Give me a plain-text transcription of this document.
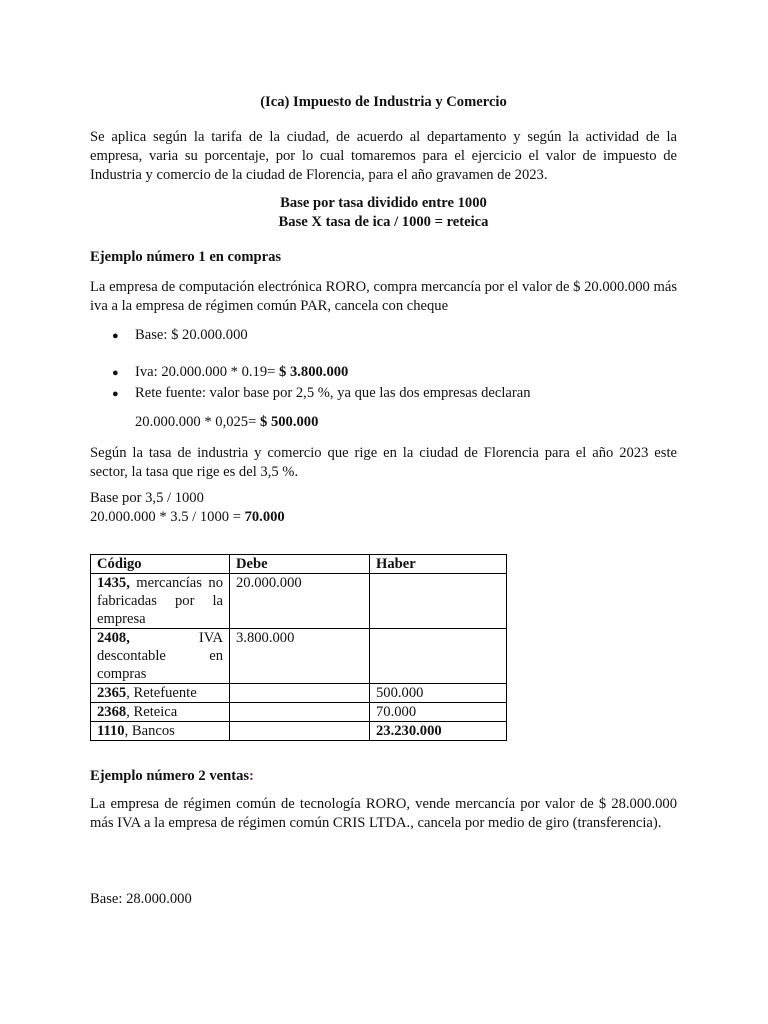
(Ica) Impuesto de Industria y Comercio
Se aplica según la tarifa de la ciudad, de acuerdo al departamento y según la actividad de la empresa, varia su porcentaje, por lo cual tomaremos para el ejercicio el valor de impuesto de Industria y comercio de la ciudad de Florencia, para el año gravamen de 2023.
Base por tasa dividido entre 1000
Base X tasa de ica / 1000 = reteica
Ejemplo número 1 en compras
La empresa de computación electrónica RORO, compra mercancía por el valor de $ 20.000.000 más iva a la empresa de régimen común PAR, cancela con cheque
● Base: $ 20.000.000
● Iva: 20.000.000 * 0.19= $ 3.800.000
● Rete fuente: valor base por 2,5 %, ya que las dos empresas declaran
20.000.000 * 0,025= $ 500.000
Según la tasa de industria y comercio que rige en la ciudad de Florencia para el año 2023 este sector, la tasa que rige es del 3,5 %.
Base por 3,5 / 1000
20.000.000 * 3.5 / 1000 = 70.000
Código	Debe	Haber

1435, mercancías no fabricadas por la empresa	20.000.000	

2408, IVA descontable en compras	3.800.000	
2365, Retefuente		500.000
2368, Reteica		70.000
1110, Bancos		23.230.000
Ejemplo número 2 ventas:
La empresa de régimen común de tecnología RORO, vende mercancía por valor de $ 28.000.000 más IVA a la empresa de régimen común CRIS LTDA., cancela por medio de giro (transferencia).
Base: 28.000.000
